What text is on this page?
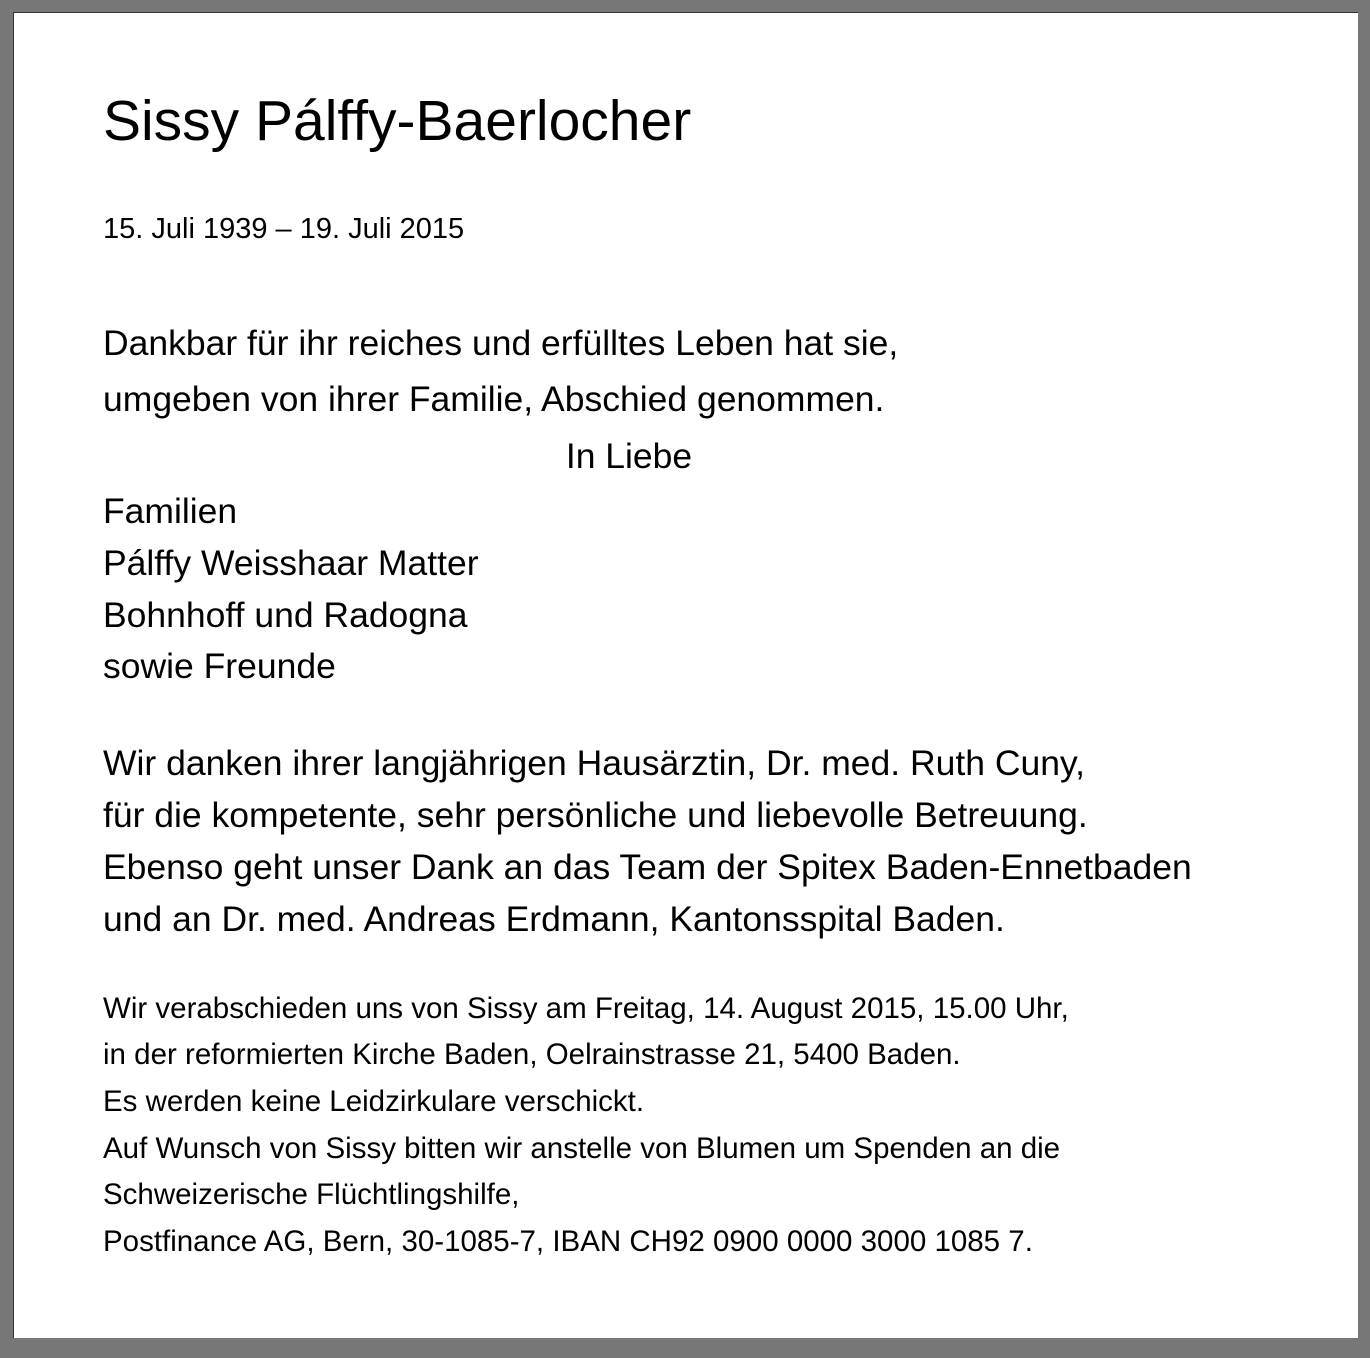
Sissy Pálffy-Baerlocher
15. Juli 1939 – 19. Juli 2015
Dankbar für ihr reiches und erfülltes Leben hat sie,
umgeben von ihrer Familie, Abschied genommen.
In Liebe
Familien
Pálffy Weisshaar Matter
Bohnhoff und Radogna
sowie Freunde
Wir danken ihrer langjährigen Hausärztin, Dr. med. Ruth Cuny,
für die kompetente, sehr persönliche und liebevolle Betreuung.
Ebenso geht unser Dank an das Team der Spitex Baden-Ennetbaden
und an Dr. med. Andreas Erdmann, Kantonsspital Baden.
Wir verabschieden uns von Sissy am Freitag, 14. August 2015, 15.00 Uhr,
in der reformierten Kirche Baden, Oelrainstrasse 21, 5400 Baden.
Es werden keine Leidzirkulare verschickt.
Auf Wunsch von Sissy bitten wir anstelle von Blumen um Spenden an die
Schweizerische Flüchtlingshilfe,
Postfinance AG, Bern, 30-1085-7, IBAN CH92 0900 0000 3000 1085 7.
